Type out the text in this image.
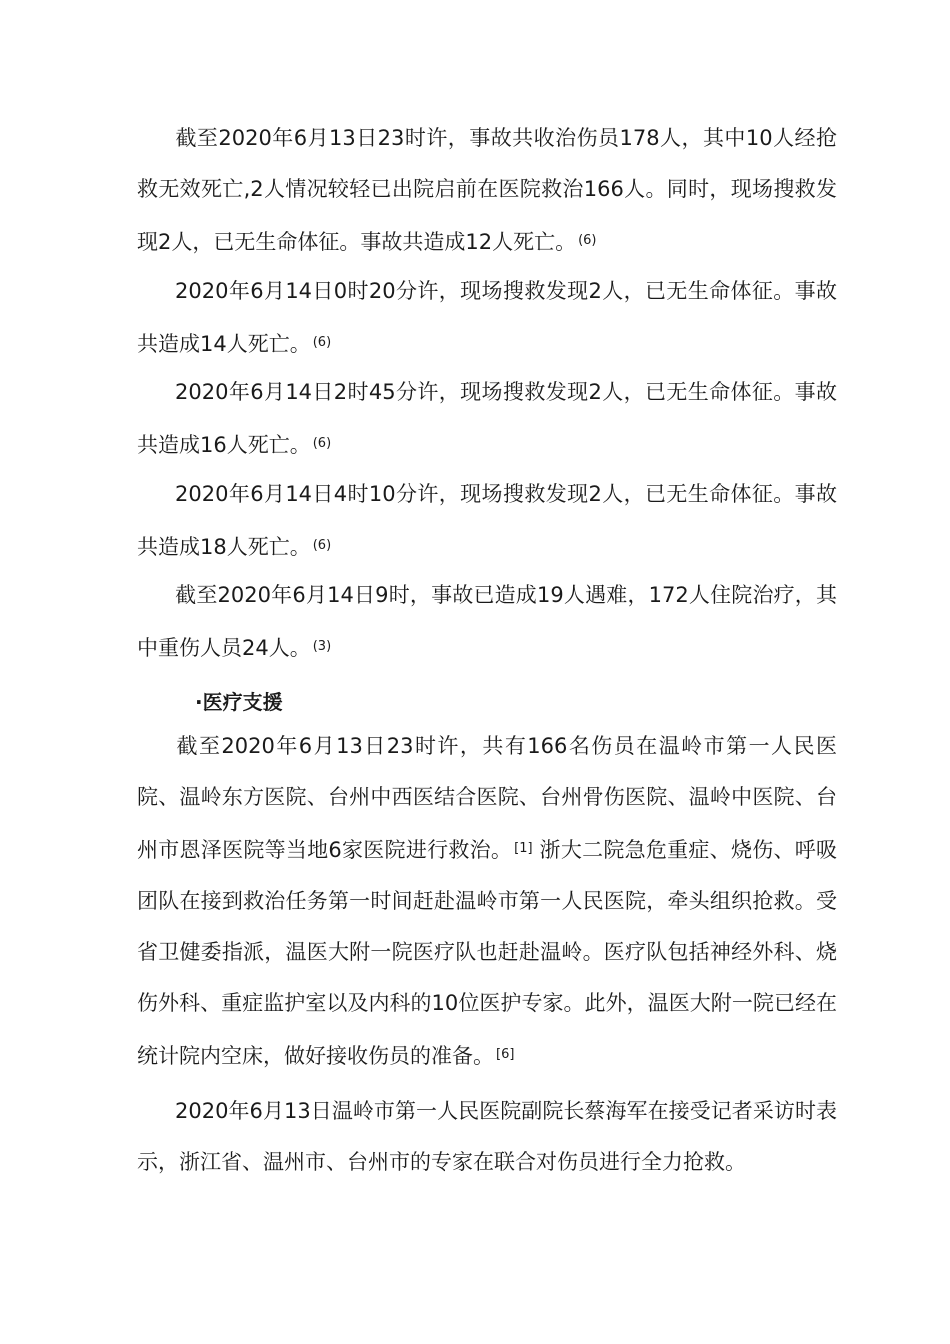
截至2020年6月13日23时许，事故共收治伤员178人，其中10人经抢救无效死亡,2人情况较轻已出院启前在医院救治166人。同时，现场搜救发现2人，已无生命体征。事故共造成12人死亡。 $^{(6)}$

2020年6月14日0时20分许，现场搜救发现2人，已无生命体征。事故共造成14人死亡。 $^{(6)}$

2020年6月14日2时45分许，现场搜救发现2人，已无生命体征。事故共造成16人死亡。 $^{(6)}$

2020年6月14日4时10分许，现场搜救发现2人，已无生命体征。事故共造成18人死亡。 $^{(6)}$

截至2020年6月14日9时，事故已造成19人遇难，172人住院治疗，其中重伤人员24人。 $^{(3)}$

·医疗支援

截至2020年6月13日23时许，共有166名伤员在温岭市第一人民医院、温岭东方医院、台州中西医结合医院、台州骨伤医院、温岭中医院、台州市恩泽医院等当地6家医院进行救治。 [1] 浙大二院急危重症、烧伤、呼吸团队在接到救治任务第一时间赶赴温岭市第一人民医院，牵头组织抢救。受省卫健委指派，温医大附一院医疗队也赶赴温岭。医疗队包括神经外科、烧伤外科、重症监护室以及内科的10位医护专家。此外，温医大附一院已经在统计院内空床，做好接收伤员的准备。 [6]

2020年6月13日温岭市第一人民医院副院长蔡海军在接受记者采访时表示，浙江省、温州市、台州市的专家在联合对伤员进行全力抢救。
